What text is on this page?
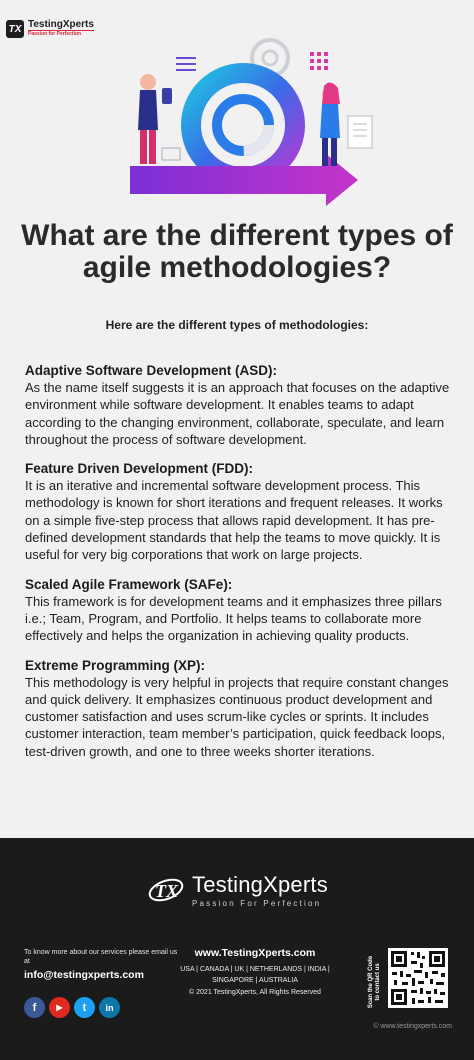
TX TestingXperts
Passion for Perfection
What are the different types of agile methodologies?
Here are the different types of methodologies:
Adaptive Software Development (ASD):

As the name itself suggests it is an approach that focuses on the adaptive environment while software development. It enables teams to adapt according to the changing environment, collaborate, speculate, and learn throughout the process of software development.

Feature Driven Development (FDD):

It is an iterative and incremental software development process. This methodology is known for short iterations and frequent releases. It works on a simple five-step process that allows rapid development. It has pre-defined development standards that help the teams to move quickly. It is useful for very big corporations that work on large projects.

Scaled Agile Framework (SAFe):

This framework is for development teams and it emphasizes three pillars i.e.; Team, Program, and Portfolio. It helps teams to collaborate more effectively and helps the organization in achieving quality products.

Extreme Programming (XP):

This methodology is very helpful in projects that require constant changes and quick delivery. It emphasizes continuous product development and customer satisfaction and uses scrum-like cycles or sprints. It includes customer interaction, team member’s participation, quick feedback loops, test-driven growth, and one to three weeks shorter iterations.

TX TestingXperts
Passion For Perfection
To know more about our services please email us at
info@testingxperts.com
f	▶	t	in
www.TestingXperts.com
USA | CANADA | UK | NETHERLANDS | INDIA | SINGAPORE | AUSTRALIA
© 2021 TestingXperts, All Rights Reserved	Scan the QR Code to contact us
© www.testingxperts.com
